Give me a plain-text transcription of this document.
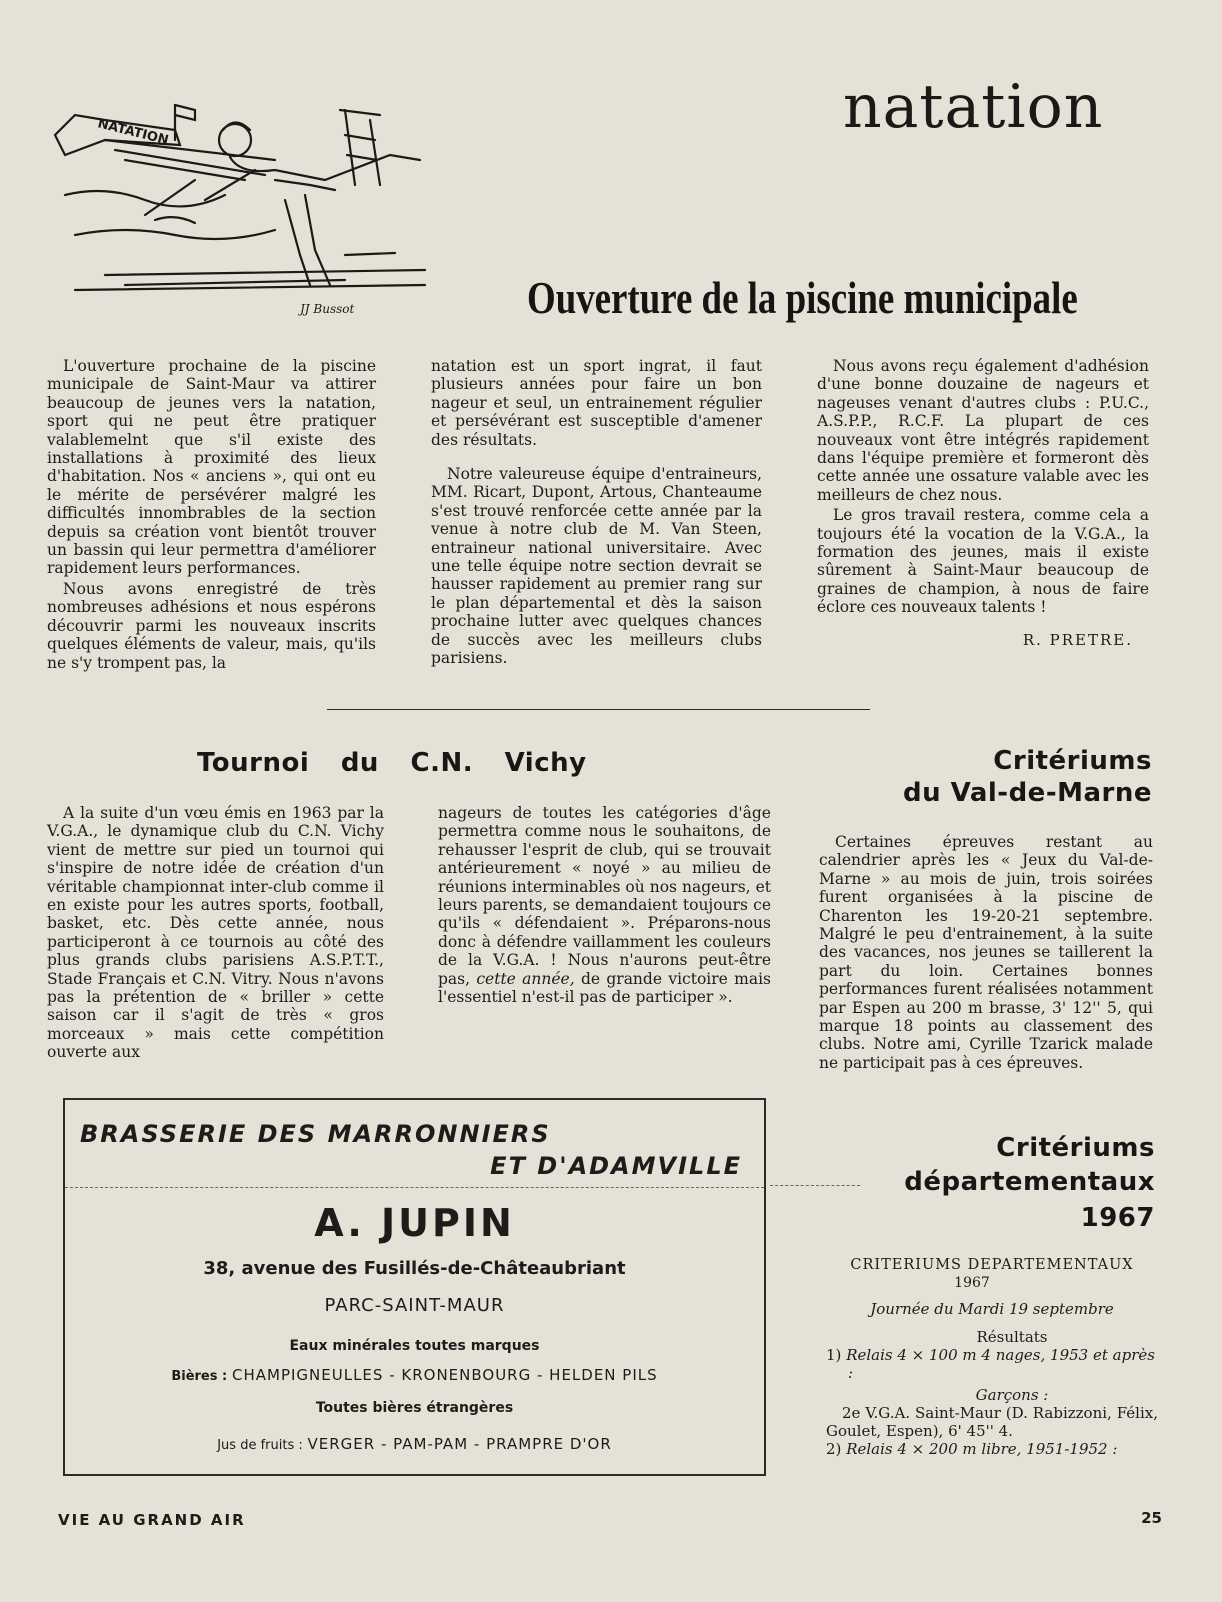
NATATION
JJ Bussot
natation
Ouverture de la piscine municipale

L'ouverture prochaine de la piscine municipale de Saint-Maur va attirer beaucoup de jeunes vers la natation, sport qui ne peut être pratiquer valablemelnt que s'il existe des installations à proximité des lieux d'habitation. Nos « anciens », qui ont eu le mérite de persévérer malgré les difficultés innombrables de la section depuis sa création vont bientôt trouver un bassin qui leur permettra d'améliorer rapidement leurs performances.

Nous avons enregistré de très nombreuses adhésions et nous espérons découvrir parmi les nouveaux inscrits quelques éléments de valeur, mais, qu'ils ne s'y trompent pas, la

natation est un sport ingrat, il faut plusieurs années pour faire un bon nageur et seul, un entrainement régulier et persévérant est susceptible d'amener des résultats.

Notre valeureuse équipe d'entraineurs, MM. Ricart, Dupont, Artous, Chanteaume s'est trouvé renforcée cette année par la venue à notre club de M. Van Steen, entraineur national universitaire. Avec une telle équipe notre section devrait se hausser rapidement au premier rang sur le plan départemental et dès la saison prochaine lutter avec quelques chances de succès avec les meilleurs clubs parisiens.

Nous avons reçu également d'adhésion d'une bonne douzaine de nageurs et nageuses venant d'autres clubs : P.U.C., A.S.P.P., R.C.F. La plupart de ces nouveaux vont être intégrés rapidement dans l'équipe première et formeront dès cette année une ossature valable avec les meilleurs de chez nous.

Le gros travail restera, comme cela a toujours été la vocation de la V.G.A., la formation des jeunes, mais il existe sûrement à Saint-Maur beaucoup de graines de champion, à nous de faire éclore ces nouveaux talents !

R. PRETRE.
Tournoi du C.N. Vichy

A la suite d'un vœu émis en 1963 par la V.G.A., le dynamique club du C.N. Vichy vient de mettre sur pied un tournoi qui s'inspire de notre idée de création d'un véritable championnat inter-club comme il en existe pour les autres sports, football, basket, etc. Dès cette année, nous participeront à ce tournois au côté des plus grands clubs parisiens A.S.P.T.T., Stade Français et C.N. Vitry. Nous n'avons pas la prétention de « briller » cette saison car il s'agit de très « gros morceaux » mais cette compétition ouverte aux

nageurs de toutes les catégories d'âge permettra comme nous le souhaitons, de rehausser l'esprit de club, qui se trouvait antérieurement « noyé » au milieu de réunions interminables où nos nageurs, et leurs parents, se demandaient toujours ce qu'ils « défendaient ». Préparons-nous donc à défendre vaillamment les couleurs de la V.G.A. ! Nous n'aurons peut-être pas, cette année, de grande victoire mais l'essentiel n'est-il pas de participer ».

Critériums
du Val-de-Marne

Certaines épreuves restant au calendrier après les « Jeux du Val-de-Marne » au mois de juin, trois soirées furent organisées à la piscine de Charenton les 19-20-21 septembre. Malgré le peu d'entrainement, à la suite des vacances, nos jeunes se taillerent la part du loin. Certaines bonnes performances furent réalisées notamment par Espen au 200 m brasse, 3' 12'' 5, qui marque 18 points au classement des clubs. Notre ami, Cyrille Tzarick malade ne participait pas à ces épreuves.

Critériums
départementaux
1967

CRITERIUMS DEPARTEMENTAUX

1967

Journée du Mardi 19 septembre

Résultats

1) Relais 4 × 100 m 4 nages, 1953 et après :

Garçons :

2e V.G.A. Saint-Maur (D. Rabizzoni, Félix, Goulet, Espen), 6' 45'' 4.

2) Relais 4 × 200 m libre, 1951-1952 :

BRASSERIE DES MARRONNIERS
ET D'ADAMVILLE
A. JUPIN
38, avenue des Fusillés-de-Châteaubriant
PARC-SAINT-MAUR
Eaux minérales toutes marques
Bières : CHAMPIGNEULLES - KRONENBOURG - HELDEN PILS
Toutes bières étrangères
Jus de fruits : VERGER - PAM-PAM - PRAMPRE D'OR
VIE AU GRAND AIR	25
